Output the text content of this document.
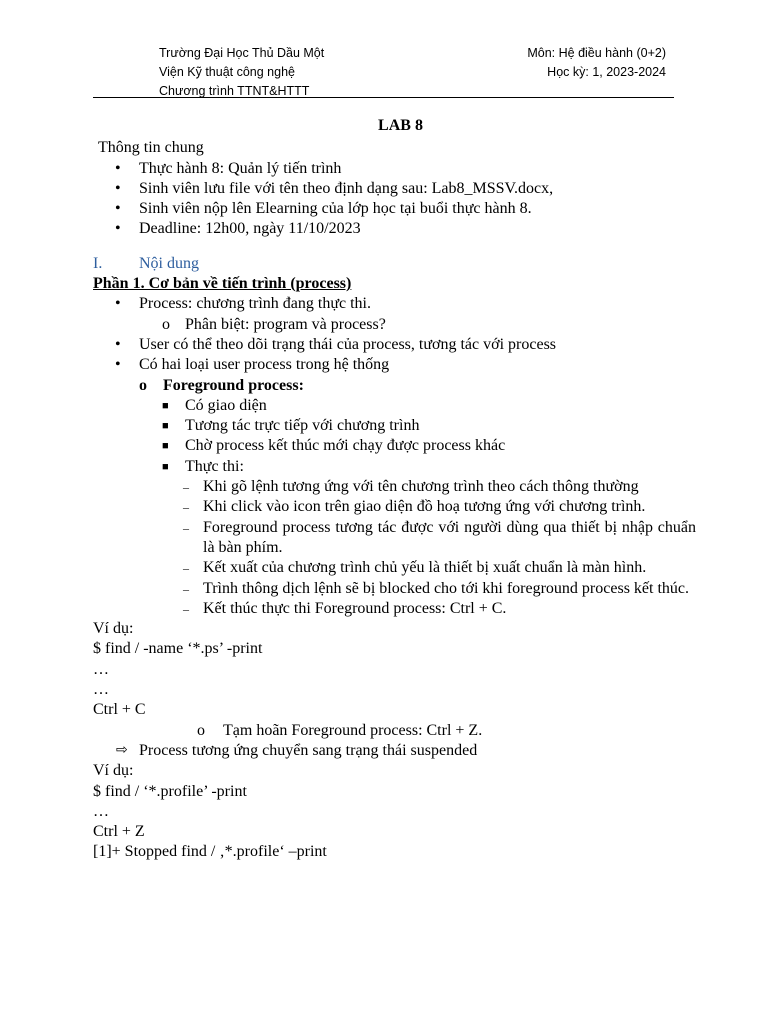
Trường Đại Học Thủ Dầu Một
Viện Kỹ thuật công nghệ
Chương trình TTNT&HTTT
Môn: Hệ điều hành (0+2)
Học kỳ: 1, 2023-2024
LAB 8
Thông tin chung
• Thực hành 8: Quản lý tiến trình
• Sinh viên lưu file với tên theo định dạng sau: Lab8_MSSV.docx,
• Sinh viên nộp lên Elearning của lớp học tại buổi thực hành 8.
• Deadline: 12h00, ngày 11/10/2023
I. Nội dung
Phần 1. Cơ bản về tiến trình (process)
• Process: chương trình đang thực thi.
o Phân biệt: program và process?
• User có thể theo dõi trạng thái của process, tương tác với process
• Có hai loại user process trong hệ thống
o Foreground process:
■ Có giao diện
■ Tương tác trực tiếp với chương trình
■ Chờ process kết thúc mới chạy được process khác
■ Thực thi:
– Khi gõ lệnh tương ứng với tên chương trình theo cách thông thường
– Khi click vào icon trên giao diện đồ hoạ tương ứng với chương trình.
– Foreground process tương tác được với người dùng qua thiết bị nhập chuẩn là bàn phím.
– Kết xuất của chương trình chủ yếu là thiết bị xuất chuẩn là màn hình.
– Trình thông dịch lệnh sẽ bị blocked cho tới khi foreground process kết thúc.
– Kết thúc thực thi Foreground process: Ctrl + C.
Ví dụ:
$ find / -name ‘*.ps’ -print
…
…
Ctrl + C
o Tạm hoãn Foreground process: Ctrl + Z.
⇨ Process tương ứng chuyển sang trạng thái suspended
Ví dụ:
$ find / ‘*.profile’ -print
…
Ctrl + Z
[1]+ Stopped find / ‚*.profile‘ –print
